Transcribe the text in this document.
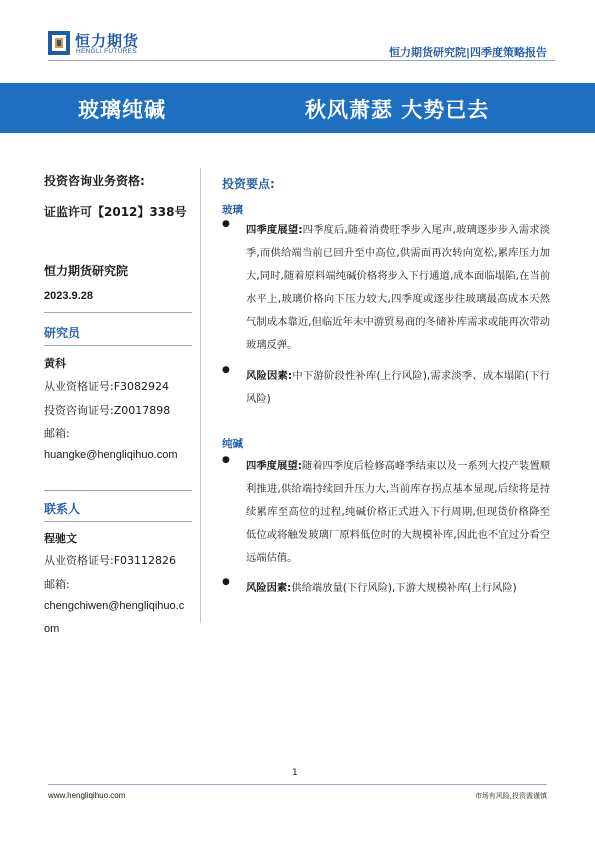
恒力期货
HENGLI FUTURES	恒力期货研究院|四季度策略报告
玻璃纯碱	秋风萧瑟 大势已去
投资咨询业务资格:
证监许可【2012】338号
恒力期货研究院
2023.9.28
研究员
黄科
从业资格证号:F3082924
投资咨询证号:Z0017898
邮箱:
huangke@hengliqihuo.com
联系人
程驰文
从业资格证号:F03112826
邮箱:
chengchiwen@hengliqihuo.c
om
投资要点:
玻璃
●	四季度展望:四季度后,随着消费旺季步入尾声,玻璃逐步步入需求淡季,而供给端当前已回升至中高位,供需面再次转向宽松,累库压力加大,同时,随着原料端纯碱价格将步入下行通道,成本面临塌陷,在当前水平上,玻璃价格向下压力较大,四季度或逐步往玻璃最高成本天然气制成本靠近,但临近年末中游贸易商的冬储补库需求或能再次带动玻璃反弹。
●	风险因素:中下游阶段性补库(上行风险),需求淡季、成本塌陷(下行风险)
纯碱
●	四季度展望:随着四季度后检修高峰季结束以及一系列大投产装置顺利推进,供给端持续回升压力大,当前库存拐点基本显现,后续将是持续累库至高位的过程,纯碱价格正式进入下行周期,但现货价格降至低位或将触发玻璃厂原料低位时的大规模补库,因此也不宜过分看空远端估值。
●	风险因素:供给端放量(下行风险),下游大规模补库(上行风险)
1
www.hengliqihuo.com	市场有风险,投资需谨慎
